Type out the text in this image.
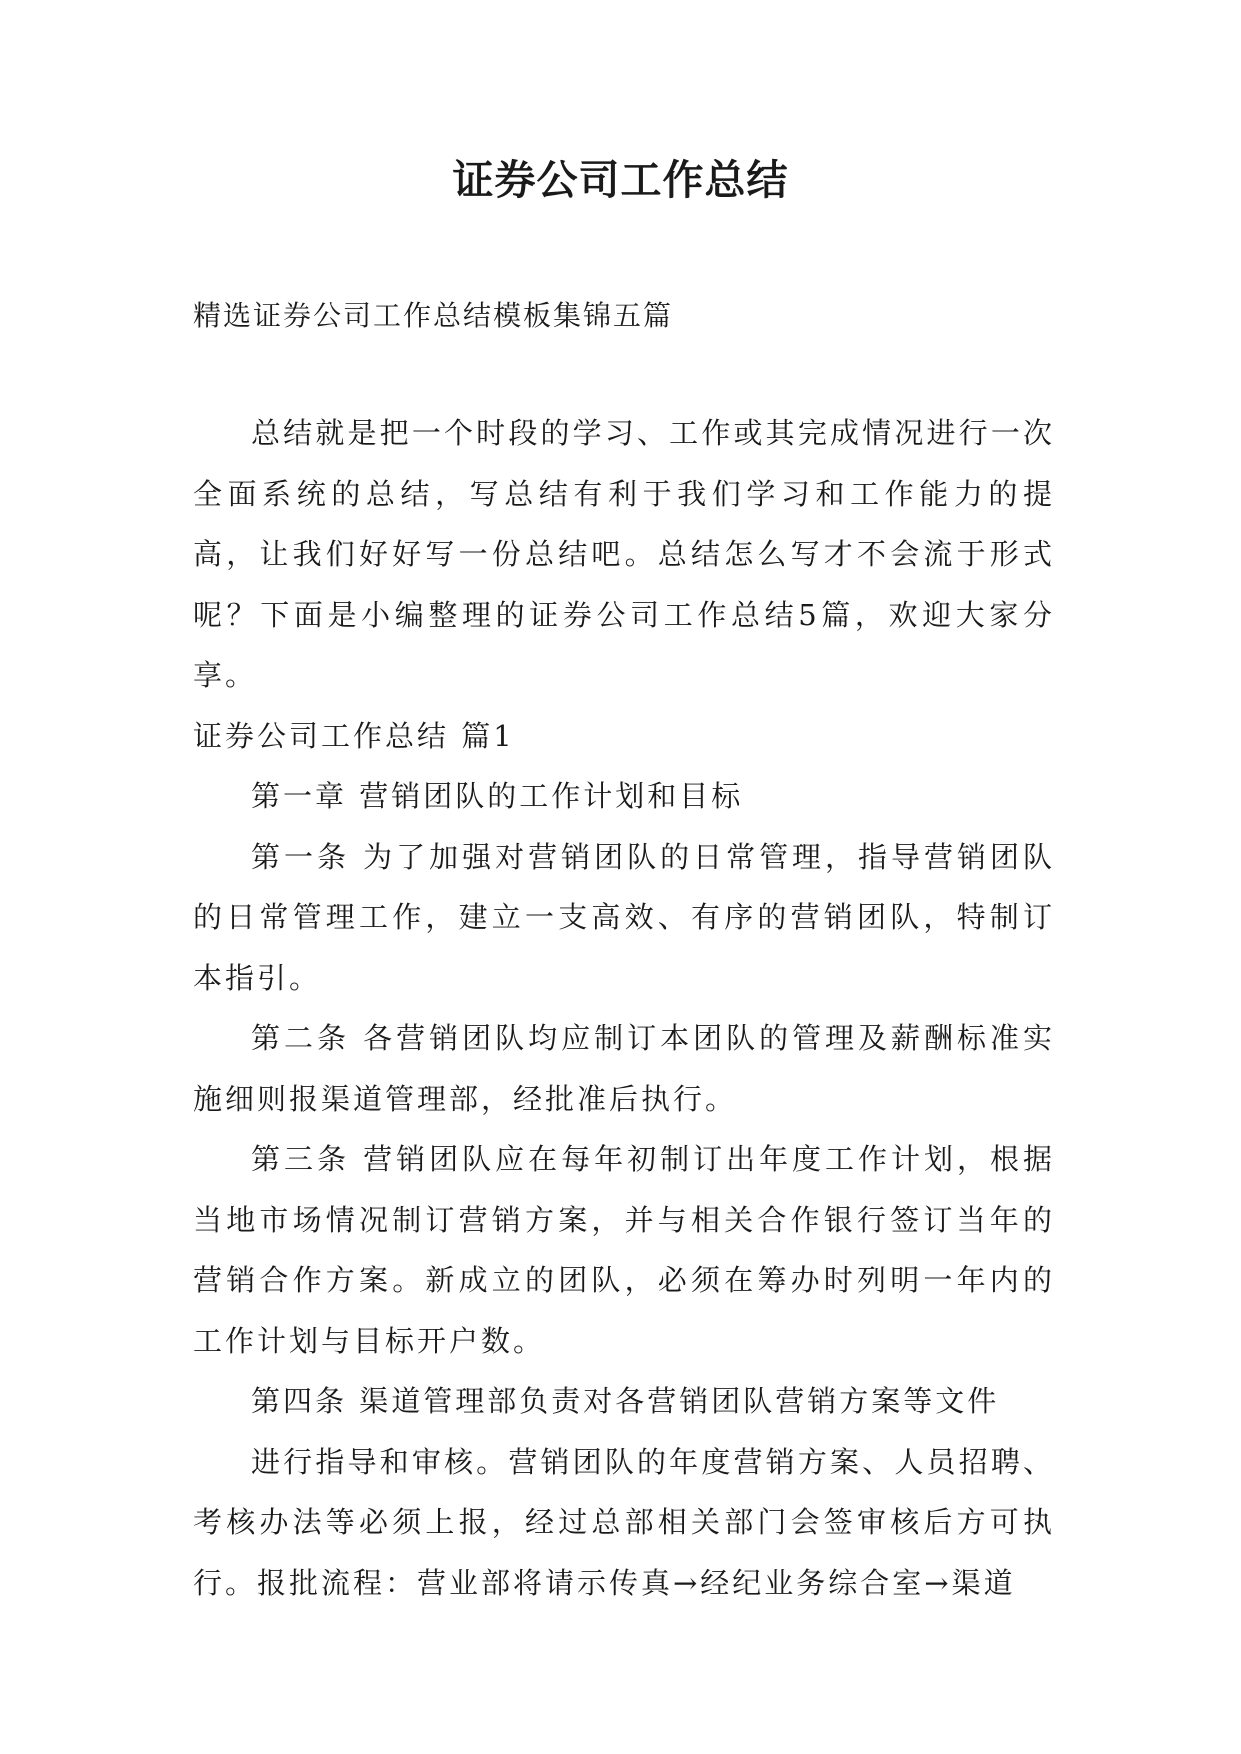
证券公司工作总结

精选证券公司工作总结模板集锦五篇

总结就是把一个时段的学习、工作或其完成情况进行一次全面系统的总结，写总结有利于我们学习和工作能力的提高，让我们好好写一份总结吧。总结怎么写才不会流于形式呢？下面是小编整理的证券公司工作总结5篇，欢迎大家分享。

证券公司工作总结 篇1

第一章 营销团队的工作计划和目标

第一条 为了加强对营销团队的日常管理，指导营销团队的日常管理工作，建立一支高效、有序的营销团队，特制订本指引。

第二条 各营销团队均应制订本团队的管理及薪酬标准实施细则报渠道管理部，经批准后执行。

第三条 营销团队应在每年初制订出年度工作计划，根据当地市场情况制订营销方案，并与相关合作银行签订当年的营销合作方案。新成立的团队，必须在筹办时列明一年内的工作计划与目标开户数。

第四条 渠道管理部负责对各营销团队营销方案等文件

进行指导和审核。营销团队的年度营销方案、人员招聘、考核办法等必须上报，经过总部相关部门会签审核后方可执行。报批流程：营业部将请示传真→经纪业务综合室→渠道
